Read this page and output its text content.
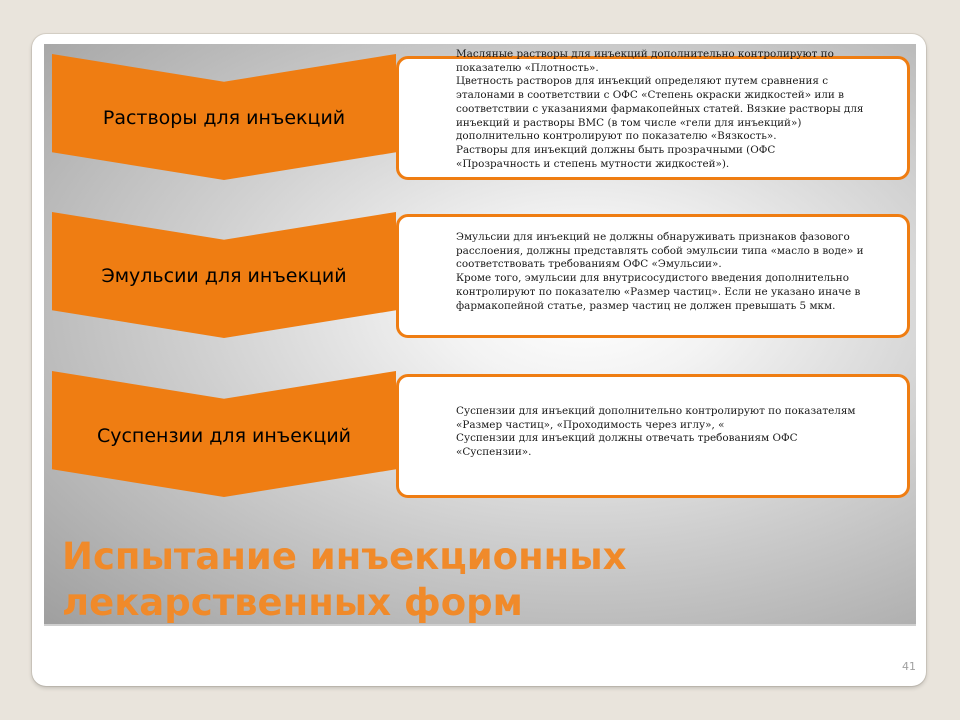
Растворы для инъекций
Масляные растворы для инъекций дополнительно контролируют по
показателю «Плотность».
Цветность растворов для инъекций определяют путем сравнения с
эталонами в соответствии с ОФС «Степень окраски жидкостей» или в
соответствии с указаниями фармакопейных статей. Вязкие растворы для
инъекций и растворы ВМС (в том числе «гели для инъекций»)
дополнительно контролируют по показателю «Вязкость».
Растворы для инъекций должны быть прозрачными (ОФС
«Прозрачность и степень мутности жидкостей»).
Эмульсии для инъекций
Эмульсии для инъекций не должны обнаруживать признаков фазового
расслоения, должны представлять собой эмульсии типа «масло в воде» и
соответствовать требованиям ОФС «Эмульсии».
Кроме того, эмульсии для внутрисосудистого введения дополнительно
контролируют по показателю «Размер частиц». Если не указано иначе в
фармакопейной статье, размер частиц не должен превышать 5 мкм.
Суспензии для инъекций
Суспензии для инъекций дополнительно контролируют по показателям
«Размер частиц», «Проходимость через иглу», «
Суспензии для инъекций должны отвечать требованиям ОФС
«Суспензии».
Испытание инъекционных
лекарственных форм
41
